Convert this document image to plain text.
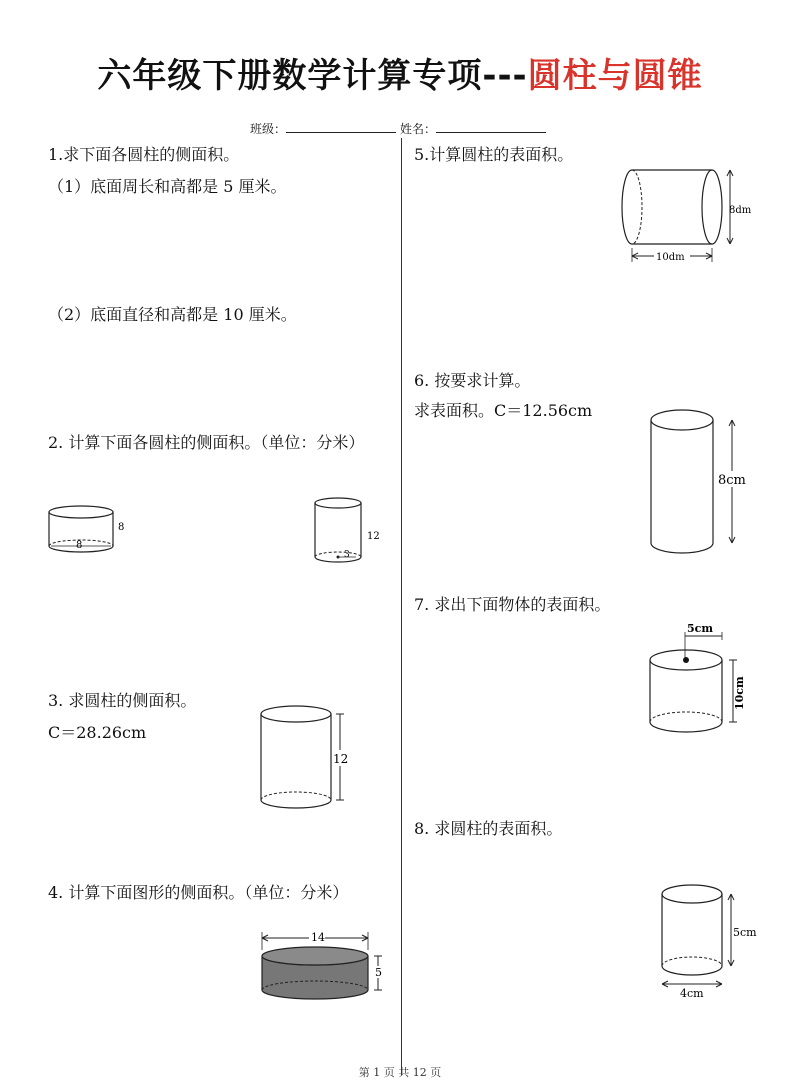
六年级下册数学计算专项---圆柱与圆锥
班级：	姓名：
1.求下面各圆柱的侧面积。
（1）底面周长和高都是 5 厘米。
（2）底面直径和高都是 10 厘米。
2. 计算下面各圆柱的侧面积。（单位：分米）
8
8
3
12
3. 求圆柱的侧面积。
C＝28.26cm
12
4. 计算下面图形的侧面积。（单位：分米）
14
5
5.计算圆柱的表面积。
8dm
10dm
6. 按要求计算。
求表面积。C＝12.56cm
8cm
7. 求出下面物体的表面积。
5cm
10cm
8. 求圆柱的表面积。
5cm
4cm
第 1 页 共 12 页
